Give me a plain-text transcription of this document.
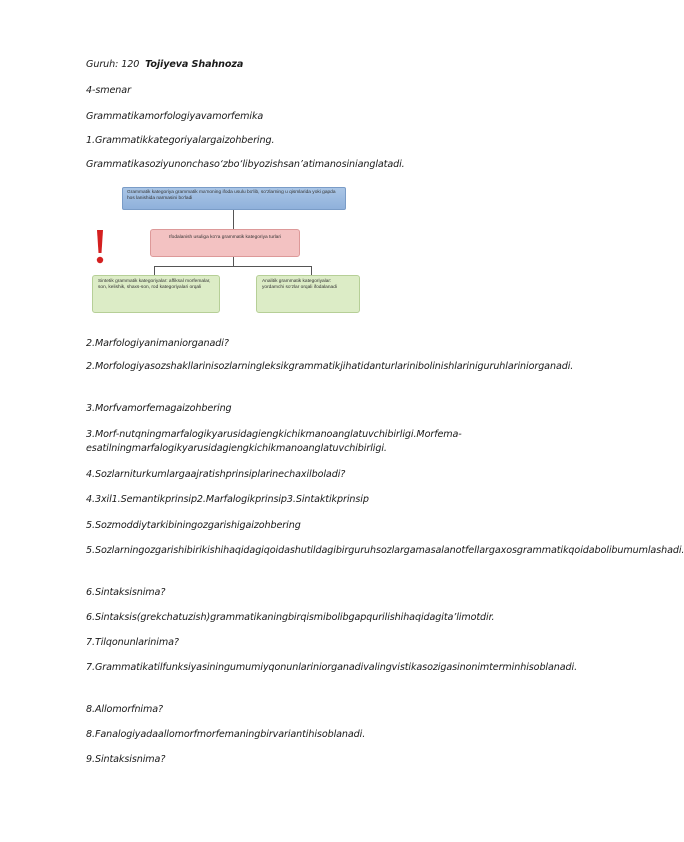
Guruh: 120 Tojiyeva Shahnoza
4-smenar
Grammatikamorfologiyavamorfemika
1.Grammatikkategoriyalargaizohbering.
Grammatikasoziyunonchaso‘zbo‘libyozishsan’atimanosinianglatadi.
Grammatik kategoriya grammatik ma’noning ifoda usulu bo’lib, so’zlarning u qismlarida yoki gapda hos lanishida narmasini bo’ladi
Ifodalanish usuliga ko‘ra grammatik kategoriya turlari
Sintetik grammatik kategoriyalar: affiksal morfemalar, son, kelishik, shaxs-son, rod kategoriyalari orqali
Analitik grammatik kategoriyalar: yordamchi so‘zlar orqali ifodalanadi
2.Marfologiyanimaniorganadi?
2.Morfologiyasozshakllarinisozlarningleksikgrammatikjihatidanturlarinibolinishlariniguruhlariniorganadi.
3.Morfvamorfemagaizohbering
3.Morf-nutqningmarfalogikyarusidagiengkichikmanoanglatuvchibirligi.Morfema-esatilningmarfalogikyarusidagiengkichikmanoanglatuvchibirligi.
4.Sozlarniturkumlargaajratishprinsiplarinechaxilboladi?
4.3xil1.Semantikprinsip2.Marfalogikprinsip3.Sintaktikprinsip
5.Sozmoddiytarkibiningozgarishigaizohbering
5.Sozlarningozgarishibirikishihaqidagiqoidashutildagibirguruhsozlargamasalanotfellargaxosgrammatikqoidabolibumumlashadi.
6.Sintaksisnima?
6.Sintaksis(grekchatuzish)grammatikaningbirqismibolibgapqurilishihaqidagita’limotdir.
7.Tilqonunlarinima?
7.Grammatikatilfunksiyasiningumumiyqonunlariniorganadivalingvistikasozigasinonimterminhisoblanadi.
8.Allomorfnima?
8.Fanalogiyadaallomorfmorfemaningbirvariantihisoblanadi.
9.Sintaksisnima?
